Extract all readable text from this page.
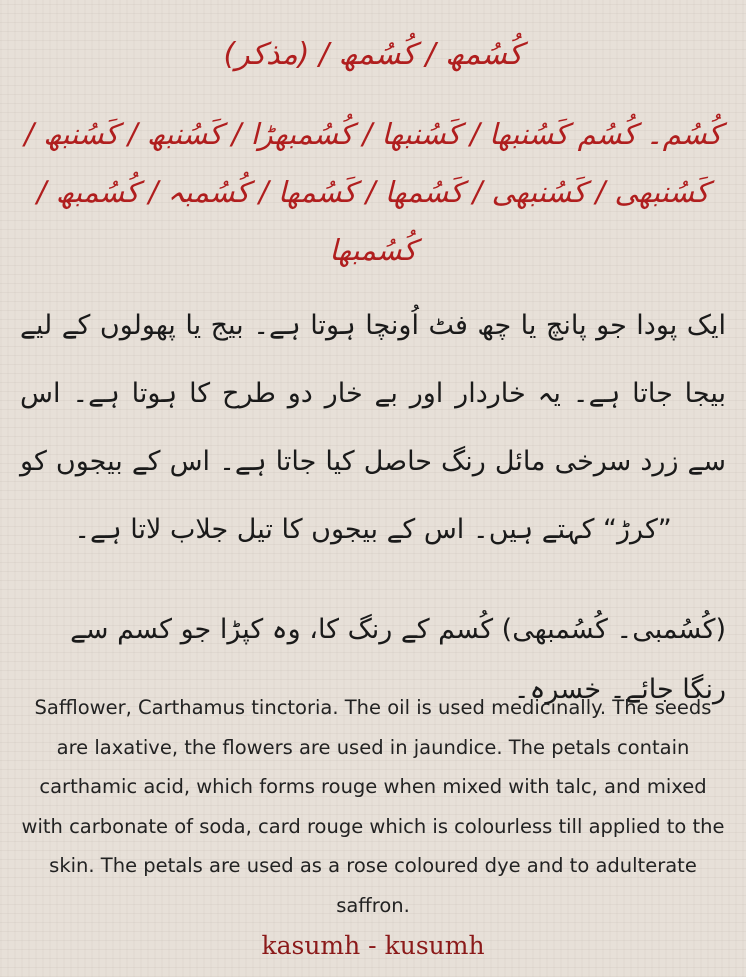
کُسُمھ / کُسُمھ / (مذکر)
کُسُم۔ کُسُم کَسُنبھا / کَسُنبھا / کُسُمبھڑا / کَسُنبھ / کَسُنبھ / کَسُنبھی / کَسُنبھی / کَسُمھا / کَسُمھا / کُسُمبہ / کُسُمبھ / کُسُمبھا
ایک پودا جو پانچ یا چھ فٹ اُونچا ہوتا ہے۔ بیج یا پھولوں کے لیے بیجا جاتا ہے۔ یہ خاردار اور بے خار دو طرح کا ہوتا ہے۔ اس سے زرد سرخی مائل رنگ حاصل کیا جاتا ہے۔ اس کے بیجوں کو ”کرڑ“ کہتے ہیں۔ اس کے بیجوں کا تیل جلاب لاتا ہے۔
(کُسُمبی۔ کُسُمبھی) کُسم کے رنگ کا، وہ کپڑا جو کسم سے رنگا جائے۔ خسرہ۔
Safflower, Carthamus tinctoria. The oil is used medicinally. The seeds are laxative, the flowers are used in jaundice. The petals contain carthamic acid, which forms rouge when mixed with talc, and mixed with carbonate of soda, card rouge which is colourless till applied to the skin. The petals are used as a rose coloured dye and to adulterate saffron.
kasumh - kusumh
